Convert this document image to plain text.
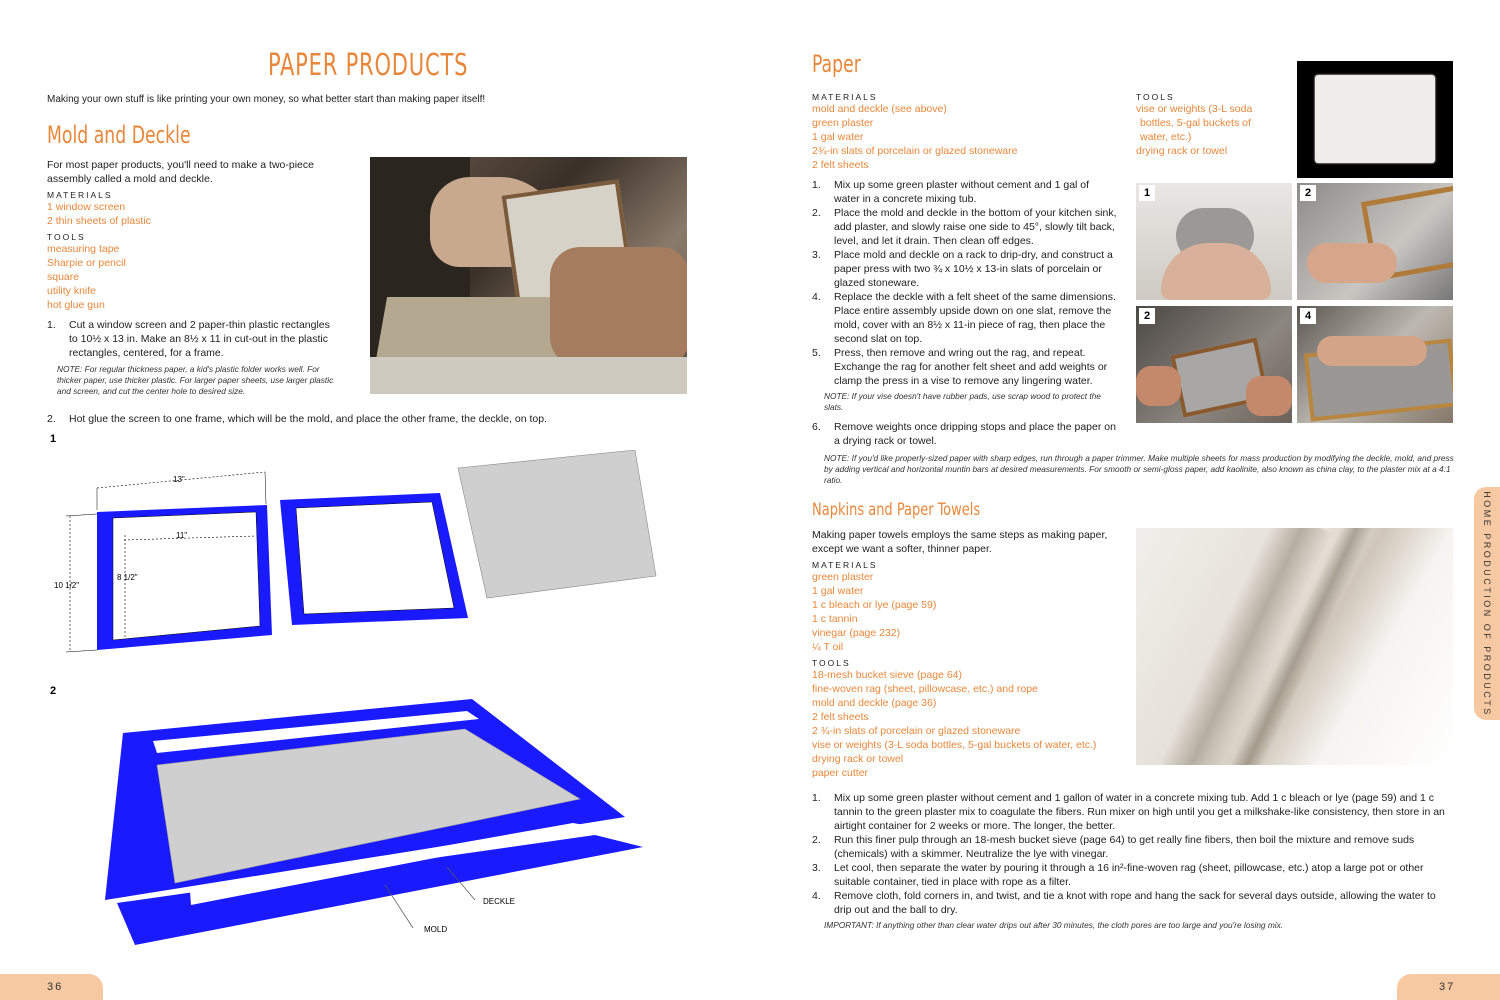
PAPER PRODUCTS
Making your own stuff is like printing your own money, so what better start than making paper itself!
Mold and Deckle
For most paper products, you'll need to make a two-piece assembly called a mold and deckle.
MATERIALS
1 window screen
2 thin sheets of plastic
TOOLS
measuring tape
Sharpie or pencil
square
utility knife
hot glue gun
1. Cut a window screen and 2 paper-thin plastic rectangles to 10½ x 13 in. Make an 8½ x 11 in cut-out in the plastic rectangles, centered, for a frame.
NOTE: For regular thickness paper, a kid's plastic folder works well. For thicker paper, use thicker plastic. For larger paper sheets, use larger plastic and screen, and cut the center hole to desired size.
2. Hot glue the screen to one frame, which will be the mold, and place the other frame, the deckle, on top.
1
13"
11"
8 1/2"
10 1/2"
2
DECKLE
MOLD
36
Paper
MATERIALS
mold and deckle (see above)
green plaster
1 gal water
2¾-in slats of porcelain or glazed stoneware
2 felt sheets
TOOLS
vise or weights (3-L soda
bottles, 5-gal buckets of
water, etc.)
drying rack or towel
1. Mix up some green plaster without cement and 1 gal of water in a concrete mixing tub.
2. Place the mold and deckle in the bottom of your kitchen sink, add plaster, and slowly raise one side to 45°, slowly tilt back, level, and let it drain. Then clean off edges.
3. Place mold and deckle on a rack to drip-dry, and construct a paper press with two ¾ x 10½ x 13-in slats of porcelain or glazed stoneware.
4. Replace the deckle with a felt sheet of the same dimensions. Place entire assembly upside down on one slat, remove the mold, cover with an 8½ x 11-in piece of rag, then place the second slat on top.
5. Press, then remove and wring out the rag, and repeat. Exchange the rag for another felt sheet and add weights or clamp the press in a vise to remove any lingering water.
NOTE: If your vise doesn't have rubber pads, use scrap wood to protect the slats.
6. Remove weights once dripping stops and place the paper on a drying rack or towel.
NOTE: If you'd like properly-sized paper with sharp edges, run through a paper trimmer. Make multiple sheets for mass production by modifying the deckle, mold, and press by adding vertical and horizontal muntin bars at desired measurements. For smooth or semi-gloss paper, add kaolinite, also known as china clay, to the plaster mix at a 4:1 ratio.
1	2
2	4
Napkins and Paper Towels
Making paper towels employs the same steps as making paper, except we want a softer, thinner paper.
MATERIALS
green plaster
1 gal water
1 c bleach or lye (page 59)
1 c tannin
vinegar (page 232)
¼ T oil
TOOLS
18-mesh bucket sieve (page 64)
fine-woven rag (sheet, pillowcase, etc.) and rope
mold and deckle (page 36)
2 felt sheets
2 ¾-in slats of porcelain or glazed stoneware
vise or weights (3-L soda bottles, 5-gal buckets of water, etc.)
drying rack or towel
paper cutter
1. Mix up some green plaster without cement and 1 gallon of water in a concrete mixing tub. Add 1 c bleach or lye (page 59) and 1 c tannin to the green plaster mix to coagulate the fibers. Run mixer on high until you get a milkshake-like consistency, then store in an airtight container for 2 weeks or more. The longer, the better.
2. Run this finer pulp through an 18-mesh bucket sieve (page 64) to get really fine fibers, then boil the mixture and remove suds (chemicals) with a skimmer. Neutralize the lye with vinegar.
3. Let cool, then separate the water by pouring it through a 16 in²-fine-woven rag (sheet, pillowcase, etc.) atop a large pot or other suitable container, tied in place with rope as a filter.
4. Remove cloth, fold corners in, and twist, and tie a knot with rope and hang the sack for several days outside, allowing the water to drip out and the ball to dry.
IMPORTANT: If anything other than clear water drips out after 30 minutes, the cloth pores are too large and you're losing mix.
HOME PRODUCTION OF PRODUCTS
37
